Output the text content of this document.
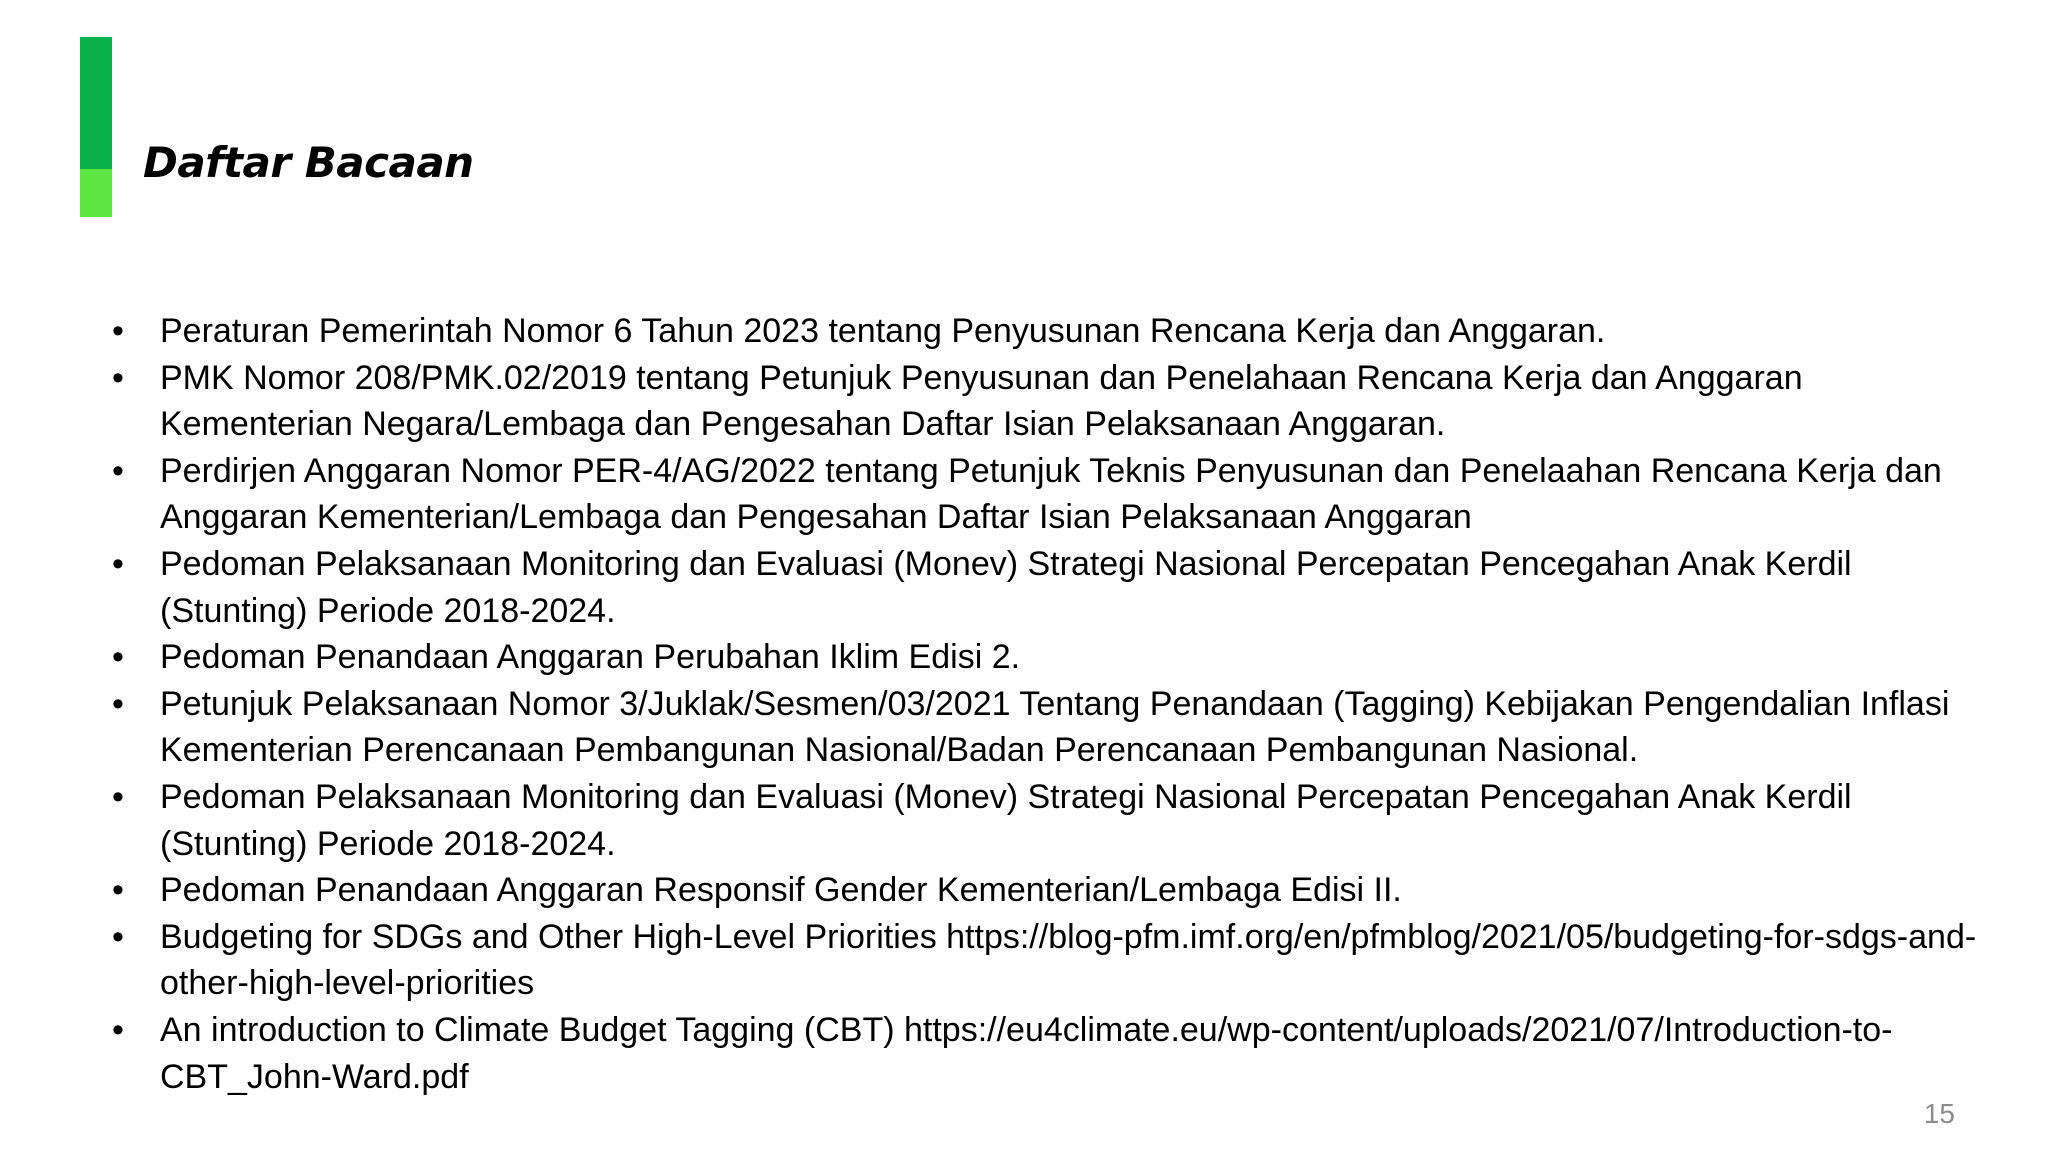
Daftar Bacaan
• Peraturan Pemerintah Nomor 6 Tahun 2023 tentang Penyusunan Rencana Kerja dan Anggaran.
• PMK Nomor 208/PMK.02/2019 tentang Petunjuk Penyusunan dan Penelahaan Rencana Kerja dan Anggaran Kementerian Negara/Lembaga dan Pengesahan Daftar Isian Pelaksanaan Anggaran.
• Perdirjen Anggaran Nomor PER-4/AG/2022 tentang Petunjuk Teknis Penyusunan dan Penelaahan Rencana Kerja dan Anggaran Kementerian/Lembaga dan Pengesahan Daftar Isian Pelaksanaan Anggaran
• Pedoman Pelaksanaan Monitoring dan Evaluasi (Monev) Strategi Nasional Percepatan Pencegahan Anak Kerdil (Stunting) Periode 2018-2024.
• Pedoman Penandaan Anggaran Perubahan Iklim Edisi 2.
• Petunjuk Pelaksanaan Nomor 3/Juklak/Sesmen/03/2021 Tentang Penandaan (Tagging) Kebijakan Pengendalian Inflasi Kementerian Perencanaan Pembangunan Nasional/Badan Perencanaan Pembangunan Nasional.
• Pedoman Pelaksanaan Monitoring dan Evaluasi (Monev) Strategi Nasional Percepatan Pencegahan Anak Kerdil (Stunting) Periode 2018-2024.
• Pedoman Penandaan Anggaran Responsif Gender Kementerian/Lembaga Edisi II.
• Budgeting for SDGs and Other High-Level Priorities https://blog-pfm.imf.org/en/pfmblog/2021/05/budgeting-for-sdgs-and-other-high-level-priorities
• An introduction to Climate Budget Tagging (CBT) https://eu4climate.eu/wp-content/uploads/2021/07/Introduction-to-CBT_John-Ward.pdf
15
